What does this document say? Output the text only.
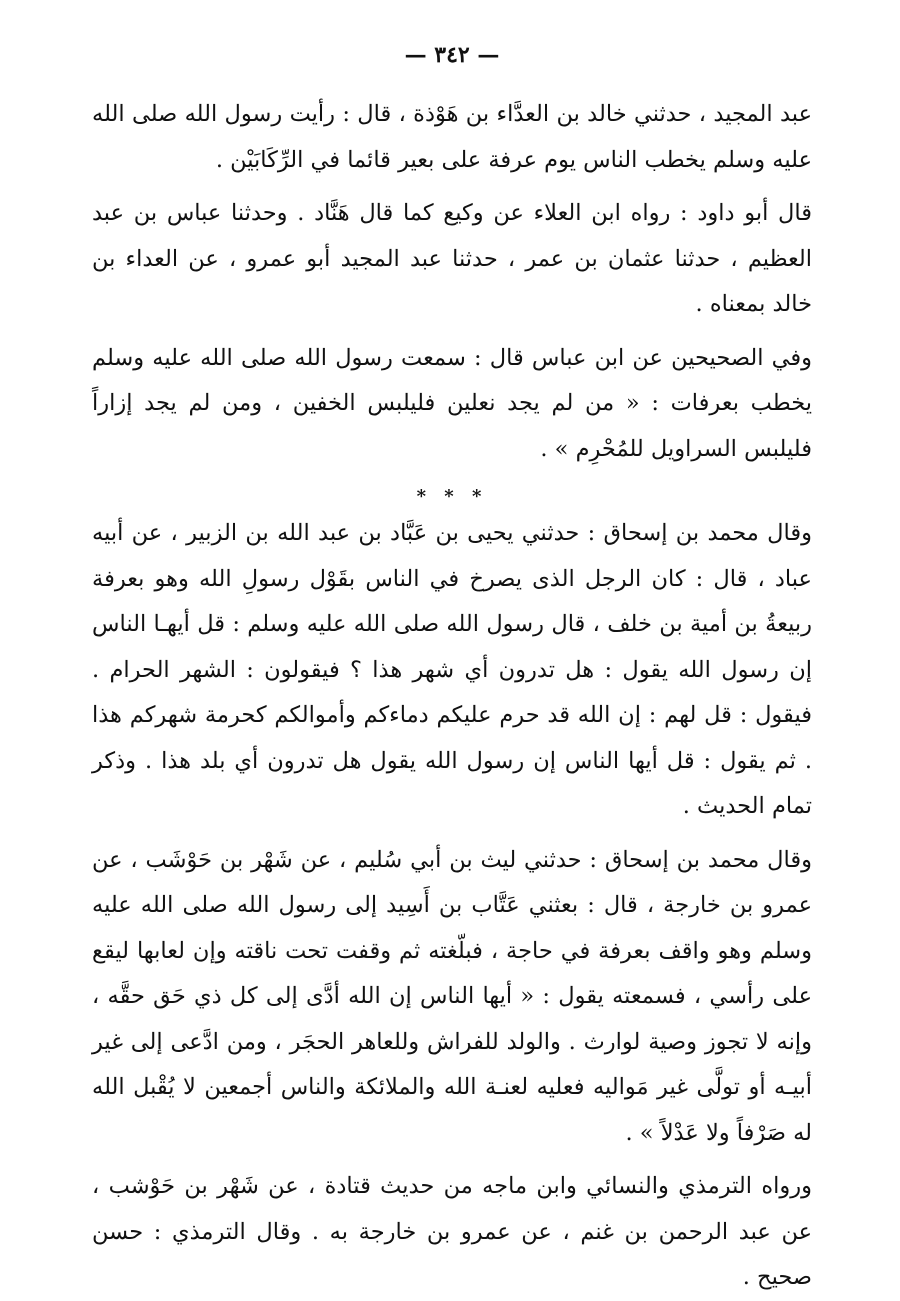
— ٣٤٢ —

عبد المجيد ، حدثني خالد بن العدَّاء بن هَوْذة ، قال : رأيت رسول الله صلى الله عليه وسلم يخطب الناس يوم عرفة على بعير قائما في الرِّكَابَيْن .

قال أبو داود : رواه ابن العلاء عن وكيع كما قال هَنَّاد . وحدثنا عباس بن عبد العظيم ، حدثنا عثمان بن عمر ، حدثنا عبد المجيد أبو عمرو ، عن العداء بن خالد بمعناه .

وفي الصحيحين عن ابن عباس قال : سمعت رسول الله صلى الله عليه وسلم يخطب بعرفات : « من لم يجد نعلين فليلبس الخفين ، ومن لم يجد إزاراً فليلبس السراويل للمُحْرِم » .

* * *

وقال محمد بن إسحاق : حدثني يحيى بن عَبَّاد بن عبد الله بن الزبير ، عن أبيه عباد ، قال : كان الرجل الذى يصرخ في الناس بقَوْل رسولِ الله وهو بعرفة ربيعةُ بن أمية بن خلف ، قال رسول الله صلى الله عليه وسلم : قل أيهـا الناس إن رسول الله يقول : هل تدرون أي شهر هذا ؟ فيقولون : الشهر الحرام . فيقول : قل لهم : إن الله قد حرم عليكم دماءكم وأموالكم كحرمة شهركم هذا . ثم يقول : قل أيها الناس إن رسول الله يقول هل تدرون أي بلد هذا . وذكر تمام الحديث .

وقال محمد بن إسحاق : حدثني ليث بن أبي سُليم ، عن شَهْر بن حَوْشَب ، عن عمرو بن خارجة ، قال : بعثني عَتَّاب بن أَسِيد إلى رسول الله صلى الله عليه وسلم وهو واقف بعرفة في حاجة ، فبلّغته ثم وقفت تحت ناقته وإن لعابها ليقع على رأسي ، فسمعته يقول : « أيها الناس إن الله أدَّى إلى كل ذي حَق حقَّه ، وإنه لا تجوز وصية لوارث . والولد للفراش وللعاهر الحجَر ، ومن ادَّعى إلى غير أبيـه أو تولَّى غير مَواليه فعليه لعنـة الله والملائكة والناس أجمعين لا يُقْبل الله له صَرْفاً ولا عَدْلاً » .

ورواه الترمذي والنسائي وابن ماجه من حديث قتادة ، عن شَهْر بن حَوْشب ، عن عبد الرحمن بن غنم ، عن عمرو بن خارجة به . وقال الترمذي : حسن صحيح .
